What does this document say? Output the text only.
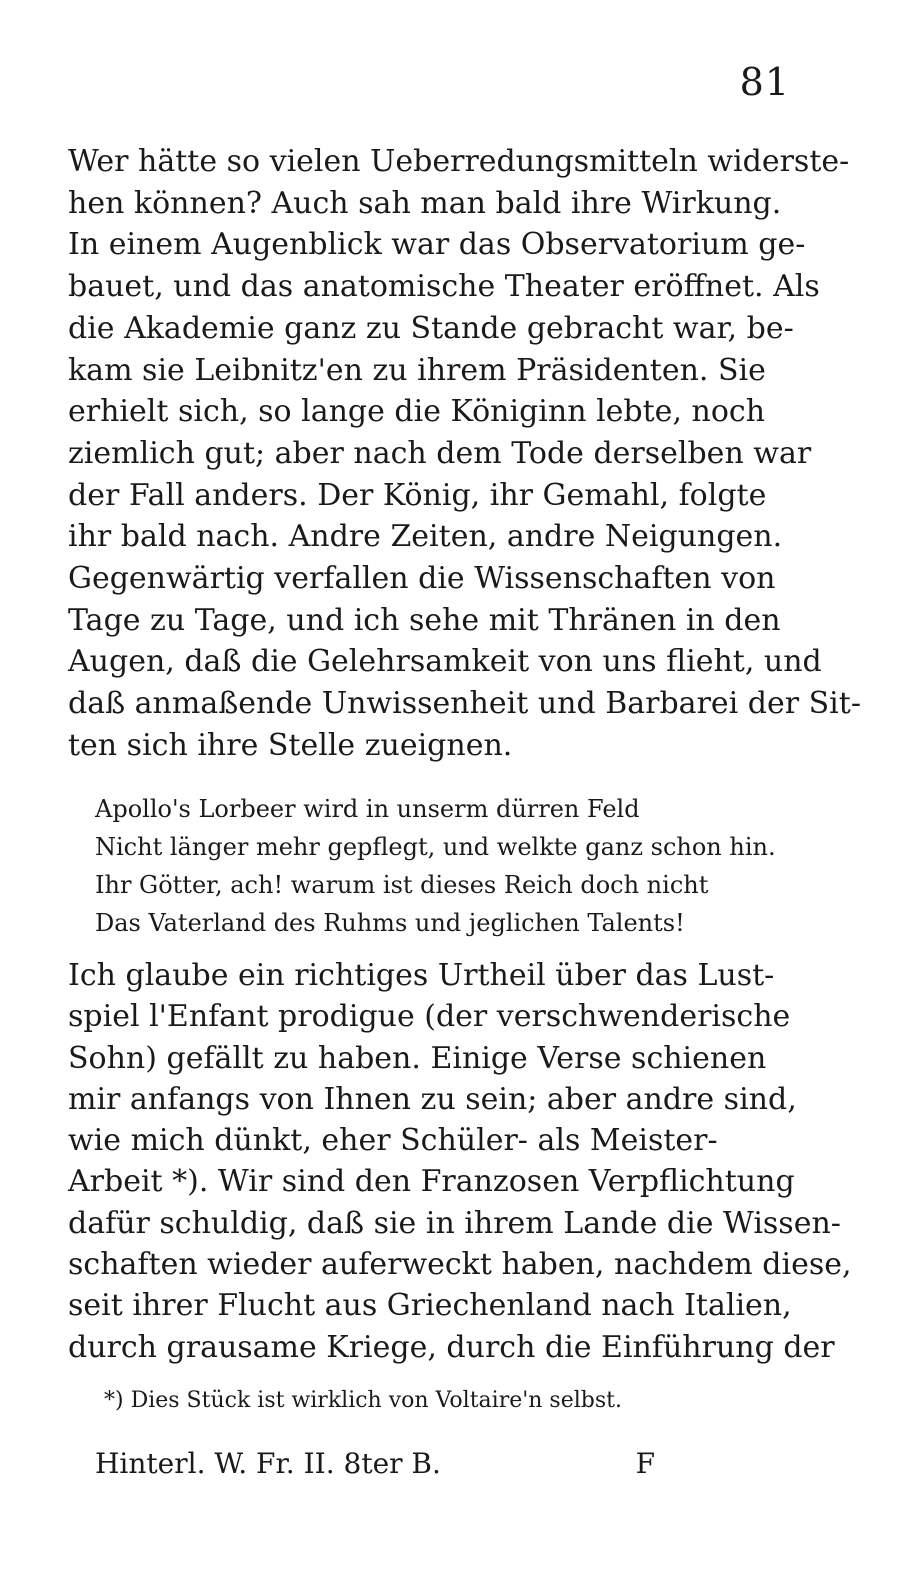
81

Wer hätte so vielen Ueberredungsmitteln widerste-
hen können? Auch sah man bald ihre Wirkung.
In einem Augenblick war das Observatorium ge-
bauet, und das anatomische Theater eröffnet. Als
die Akademie ganz zu Stande gebracht war, be-
kam sie Leibnitz'en zu ihrem Präsidenten. Sie
erhielt sich, so lange die Königinn lebte, noch
ziemlich gut; aber nach dem Tode derselben war
der Fall anders. Der König, ihr Gemahl, folgte
ihr bald nach. Andre Zeiten, andre Neigungen.
Gegenwärtig verfallen die Wissenschaften von
Tage zu Tage, und ich sehe mit Thränen in den
Augen, daß die Gelehrsamkeit von uns flieht, und
daß anmaßende Unwissenheit und Barbarei der Sit-
ten sich ihre Stelle zueignen.

Apollo's Lorbeer wird in unserm dürren Feld
Nicht länger mehr gepflegt, und welkte ganz schon hin.
Ihr Götter, ach! warum ist dieses Reich doch nicht
Das Vaterland des Ruhms und jeglichen Talents!

Ich glaube ein richtiges Urtheil über das Lust-
spiel l'Enfant prodigue (der verschwenderische
Sohn) gefällt zu haben. Einige Verse schienen
mir anfangs von Ihnen zu sein; aber andre sind,
wie mich dünkt, eher Schüler- als Meister-
Arbeit *). Wir sind den Franzosen Verpflichtung
dafür schuldig, daß sie in ihrem Lande die Wissen-
schaften wieder auferweckt haben, nachdem diese,
seit ihrer Flucht aus Griechenland nach Italien,
durch grausame Kriege, durch die Einführung der

*) Dies Stück ist wirklich von Voltaire'n selbst.
Hinterl. W. Fr. II. 8ter B.	F
